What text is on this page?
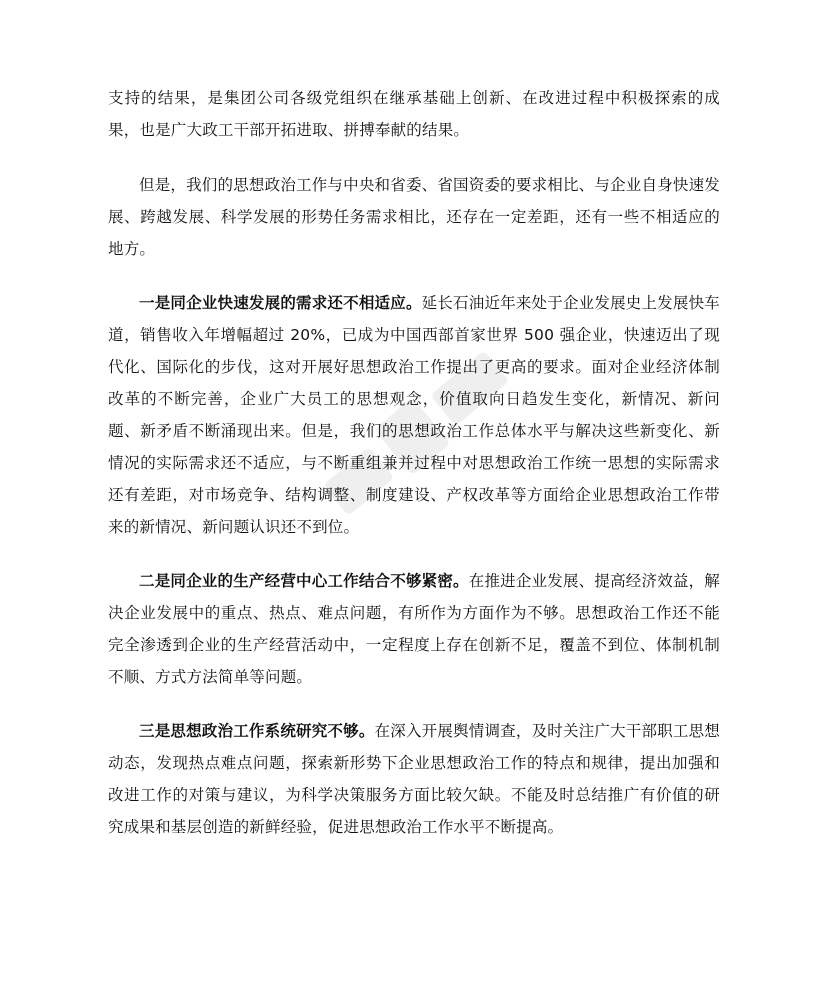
支持的结果，是集团公司各级党组织在继承基础上创新、在改进过程中积极探索的成果，也是广大政工干部开拓进取、拼搏奉献的结果。

但是，我们的思想政治工作与中央和省委、省国资委的要求相比、与企业自身快速发展、跨越发展、科学发展的形势任务需求相比，还存在一定差距，还有一些不相适应的地方。

一是同企业快速发展的需求还不相适应。延长石油近年来处于企业发展史上发展快车道，销售收入年增幅超过 20%，已成为中国西部首家世界 500 强企业，快速迈出了现代化、国际化的步伐，这对开展好思想政治工作提出了更高的要求。面对企业经济体制改革的不断完善，企业广大员工的思想观念，价值取向日趋发生变化，新情况、新问题、新矛盾不断涌现出来。但是，我们的思想政治工作总体水平与解决这些新变化、新情况的实际需求还不适应，与不断重组兼并过程中对思想政治工作统一思想的实际需求还有差距，对市场竞争、结构调整、制度建设、产权改革等方面给企业思想政治工作带来的新情况、新问题认识还不到位。

二是同企业的生产经营中心工作结合不够紧密。在推进企业发展、提高经济效益，解决企业发展中的重点、热点、难点问题，有所作为方面作为不够。思想政治工作还不能完全渗透到企业的生产经营活动中，一定程度上存在创新不足，覆盖不到位、体制机制不顺、方式方法简单等问题。

三是思想政治工作系统研究不够。在深入开展舆情调查，及时关注广大干部职工思想动态，发现热点难点问题，探索新形势下企业思想政治工作的特点和规律，提出加强和改进工作的对策与建议，为科学决策服务方面比较欠缺。不能及时总结推广有价值的研究成果和基层创造的新鲜经验，促进思想政治工作水平不断提高。
